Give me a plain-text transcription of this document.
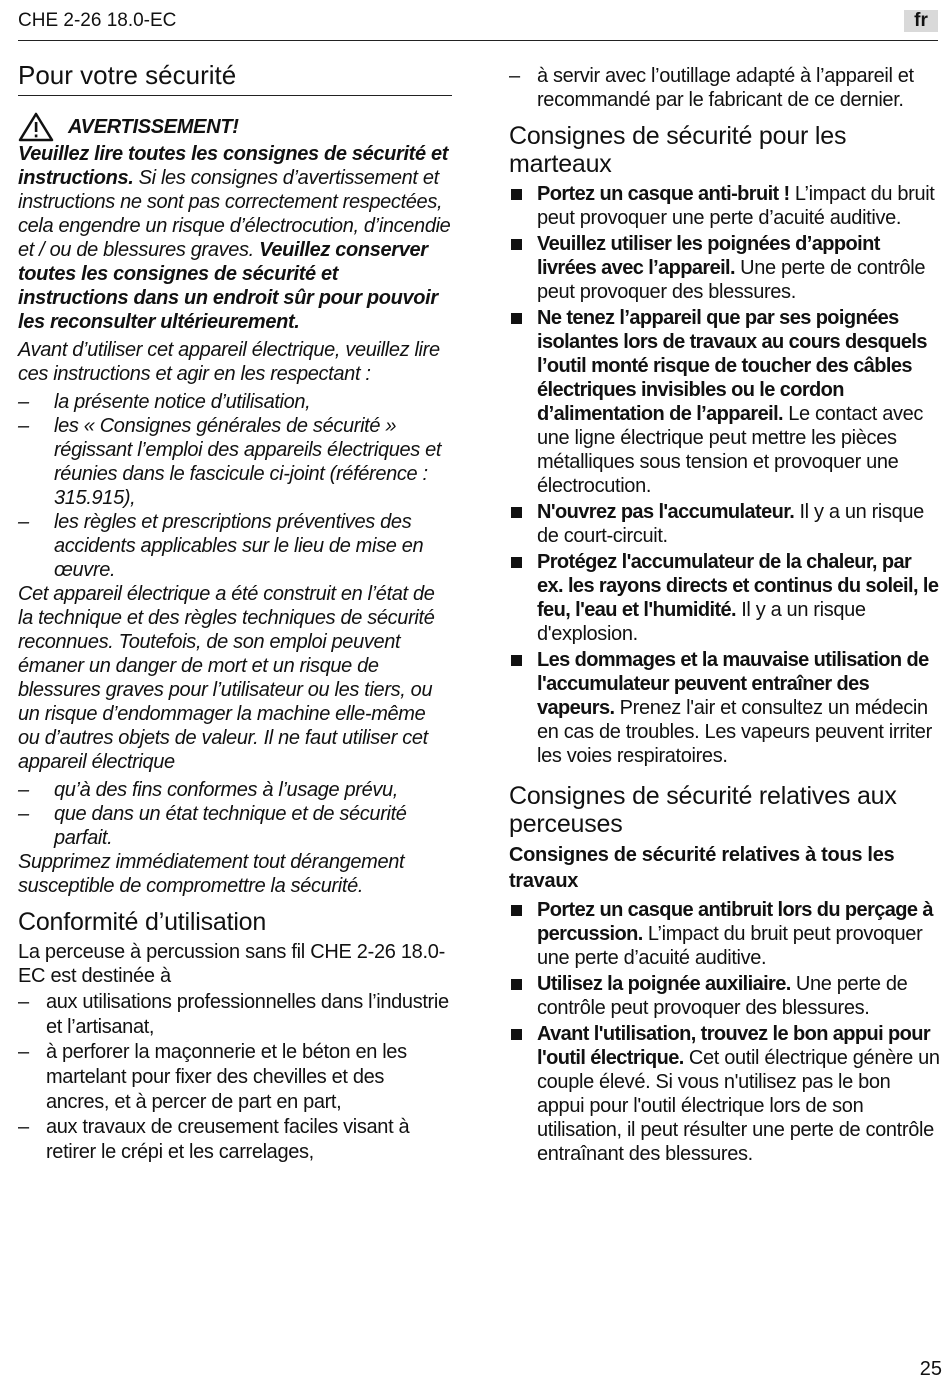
CHE 2-26 18.0-EC	fr
Pour votre sécurité
AVERTISSEMENT!
Veuillez lire toutes les consignes de sécurité et instructions. Si les consignes d’avertissement et instructions ne sont pas correctement respectées, cela engendre un risque d’électrocution, d’incendie et / ou de blessures graves. Veuillez conserver toutes les consignes de sécurité et instructions dans un endroit sûr pour pouvoir les reconsulter ultérieurement.
Avant d’utiliser cet appareil électrique, veuillez lire ces instructions et agir en les respectant :
– la présente notice d’utilisation,
– les « Consignes générales de sécurité » régissant l’emploi des appareils électriques et réunies dans le fascicule ci-joint (référence : 315.915),
– les règles et prescriptions préventives des accidents applicables sur le lieu de mise en œuvre.
Cet appareil électrique a été construit en l’état de la technique et des règles techniques de sécurité reconnues. Toutefois, de son emploi peuvent émaner un danger de mort et un risque de blessures graves pour l’utilisateur ou les tiers, ou un risque d’endommager la machine elle-même ou d’autres objets de valeur. Il ne faut utiliser cet appareil électrique
– qu’à des fins conformes à l’usage prévu,
– que dans un état technique et de sécurité parfait.
Supprimez immédiatement tout dérangement susceptible de compromettre la sécurité.
Conformité d’utilisation

La perceuse à percussion sans fil CHE 2-26 18.0-EC est destinée à

– aux utilisations professionnelles dans l’industrie et l’artisanat,
– à perforer la maçonnerie et le béton en les martelant pour fixer des chevilles et des ancres, et à percer de part en part,
– aux travaux de creusement faciles visant à retirer le crépi et les carrelages,
– à servir avec l’outillage adapté à l’appareil et recommandé par le fabricant de ce dernier.
Consignes de sécurité pour les marteaux
Portez un casque anti-bruit ! L’impact du bruit peut provoquer une perte d’acuité auditive.
Veuillez utiliser les poignées d’appoint livrées avec l’appareil. Une perte de contrôle peut provoquer des blessures.
Ne tenez l’appareil que par ses poignées isolantes lors de travaux au cours desquels l’outil monté risque de toucher des câbles électriques invisibles ou le cordon d’alimentation de l’appareil. Le contact avec une ligne électrique peut mettre les pièces métalliques sous tension et provoquer une électrocution.
N'ouvrez pas l'accumulateur. Il y a un risque de court-circuit.
Protégez l'accumulateur de la chaleur, par ex. les rayons directs et continus du soleil, le feu, l'eau et l'humidité. Il y a un risque d'explosion.
Les dommages et la mauvaise utilisation de l'accumulateur peuvent entraîner des vapeurs. Prenez l'air et consultez un médecin en cas de troubles. Les vapeurs peuvent irriter les voies respiratoires.
Consignes de sécurité relatives aux perceuses
Consignes de sécurité relatives à tous les travaux
Portez un casque antibruit lors du perçage à percussion. L’impact du bruit peut provoquer une perte d’acuité auditive.
Utilisez la poignée auxiliaire. Une perte de contrôle peut provoquer des blessures.
Avant l'utilisation, trouvez le bon appui pour l'outil électrique. Cet outil électrique génère un couple élevé. Si vous n'utilisez pas le bon appui pour l'outil électrique lors de son utilisation, il peut résulter une perte de contrôle entraînant des blessures.
25
